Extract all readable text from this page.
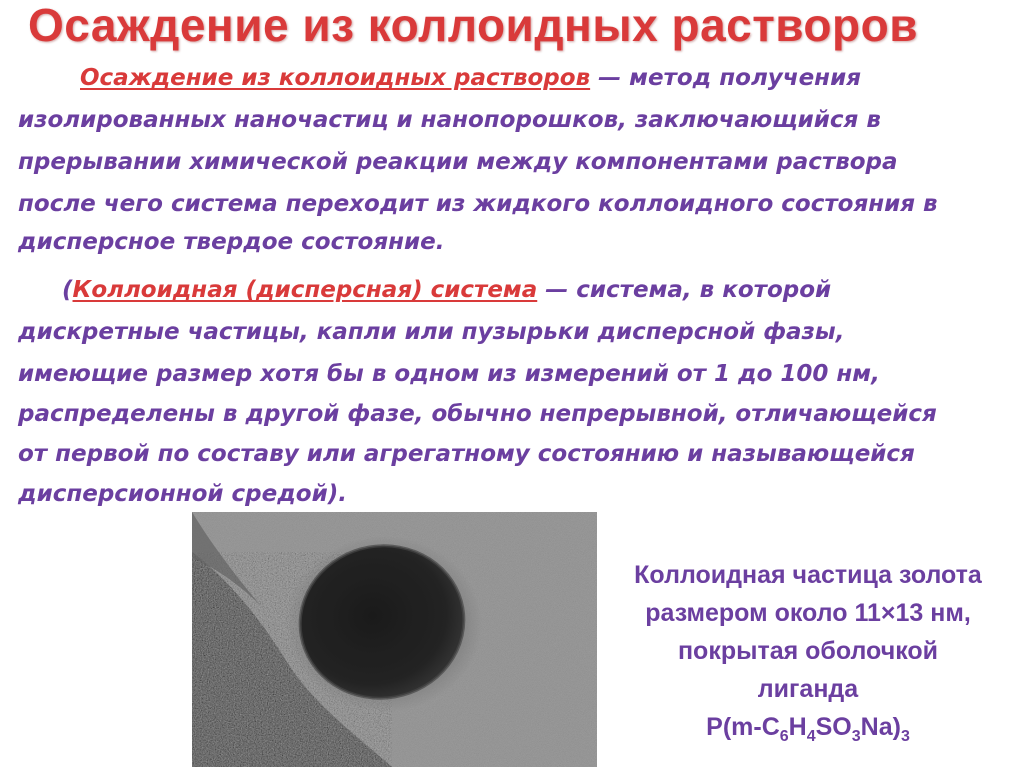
Осаждение из коллоидных растворов
Осаждение из коллоидных растворов — метод получения
изолированных наночастиц и нанопорошков, заключающийся в
прерывании химической реакции между компонентами раствора
после чего система переходит из жидкого коллоидного состояния в
дисперсное твердое состояние.
(Коллоидная (дисперсная) система — система, в которой
дискретные частицы, капли или пузырьки дисперсной фазы,
имеющие размер хотя бы в одном из измерений от 1 до 100 нм,
распределены в другой фазе, обычно непрерывной, отличающейся
от первой по составу или агрегатному состоянию и называющейся
дисперсионной средой).
Коллоидная частица золота
размером около 11×13 нм,
покрытая оболочкой
лиганда
$P(m-C_6H_4SO_3Na)_3$
